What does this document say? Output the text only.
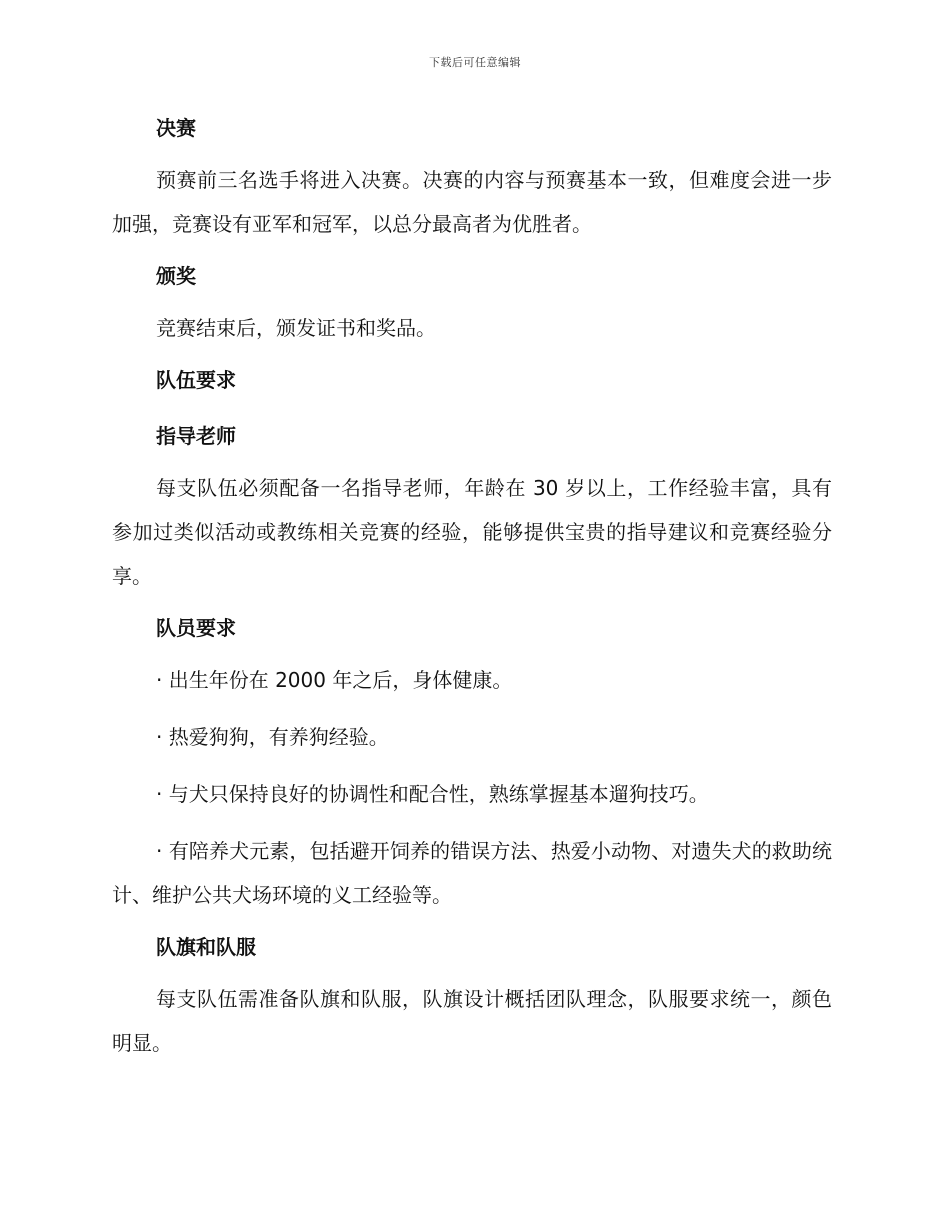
下载后可任意编辑
决赛

预赛前三名选手将进入决赛。决赛的内容与预赛基本一致，但难度会进一步加强，竞赛设有亚军和冠军，以总分最高者为优胜者。

颁奖

竞赛结束后，颁发证书和奖品。

队伍要求
指导老师

每支队伍必须配备一名指导老师，年龄在 30 岁以上，工作经验丰富，具有参加过类似活动或教练相关竞赛的经验，能够提供宝贵的指导建议和竞赛经验分享。

队员要求

· 出生年份在 2000 年之后，身体健康。

· 热爱狗狗，有养狗经验。

· 与犬只保持良好的协调性和配合性，熟练掌握基本遛狗技巧。

· 有陪养犬元素，包括避开饲养的错误方法、热爱小动物、对遗失犬的救助统计、维护公共犬场环境的义工经验等。

队旗和队服

每支队伍需准备队旗和队服，队旗设计概括团队理念，队服要求统一，颜色明显。
